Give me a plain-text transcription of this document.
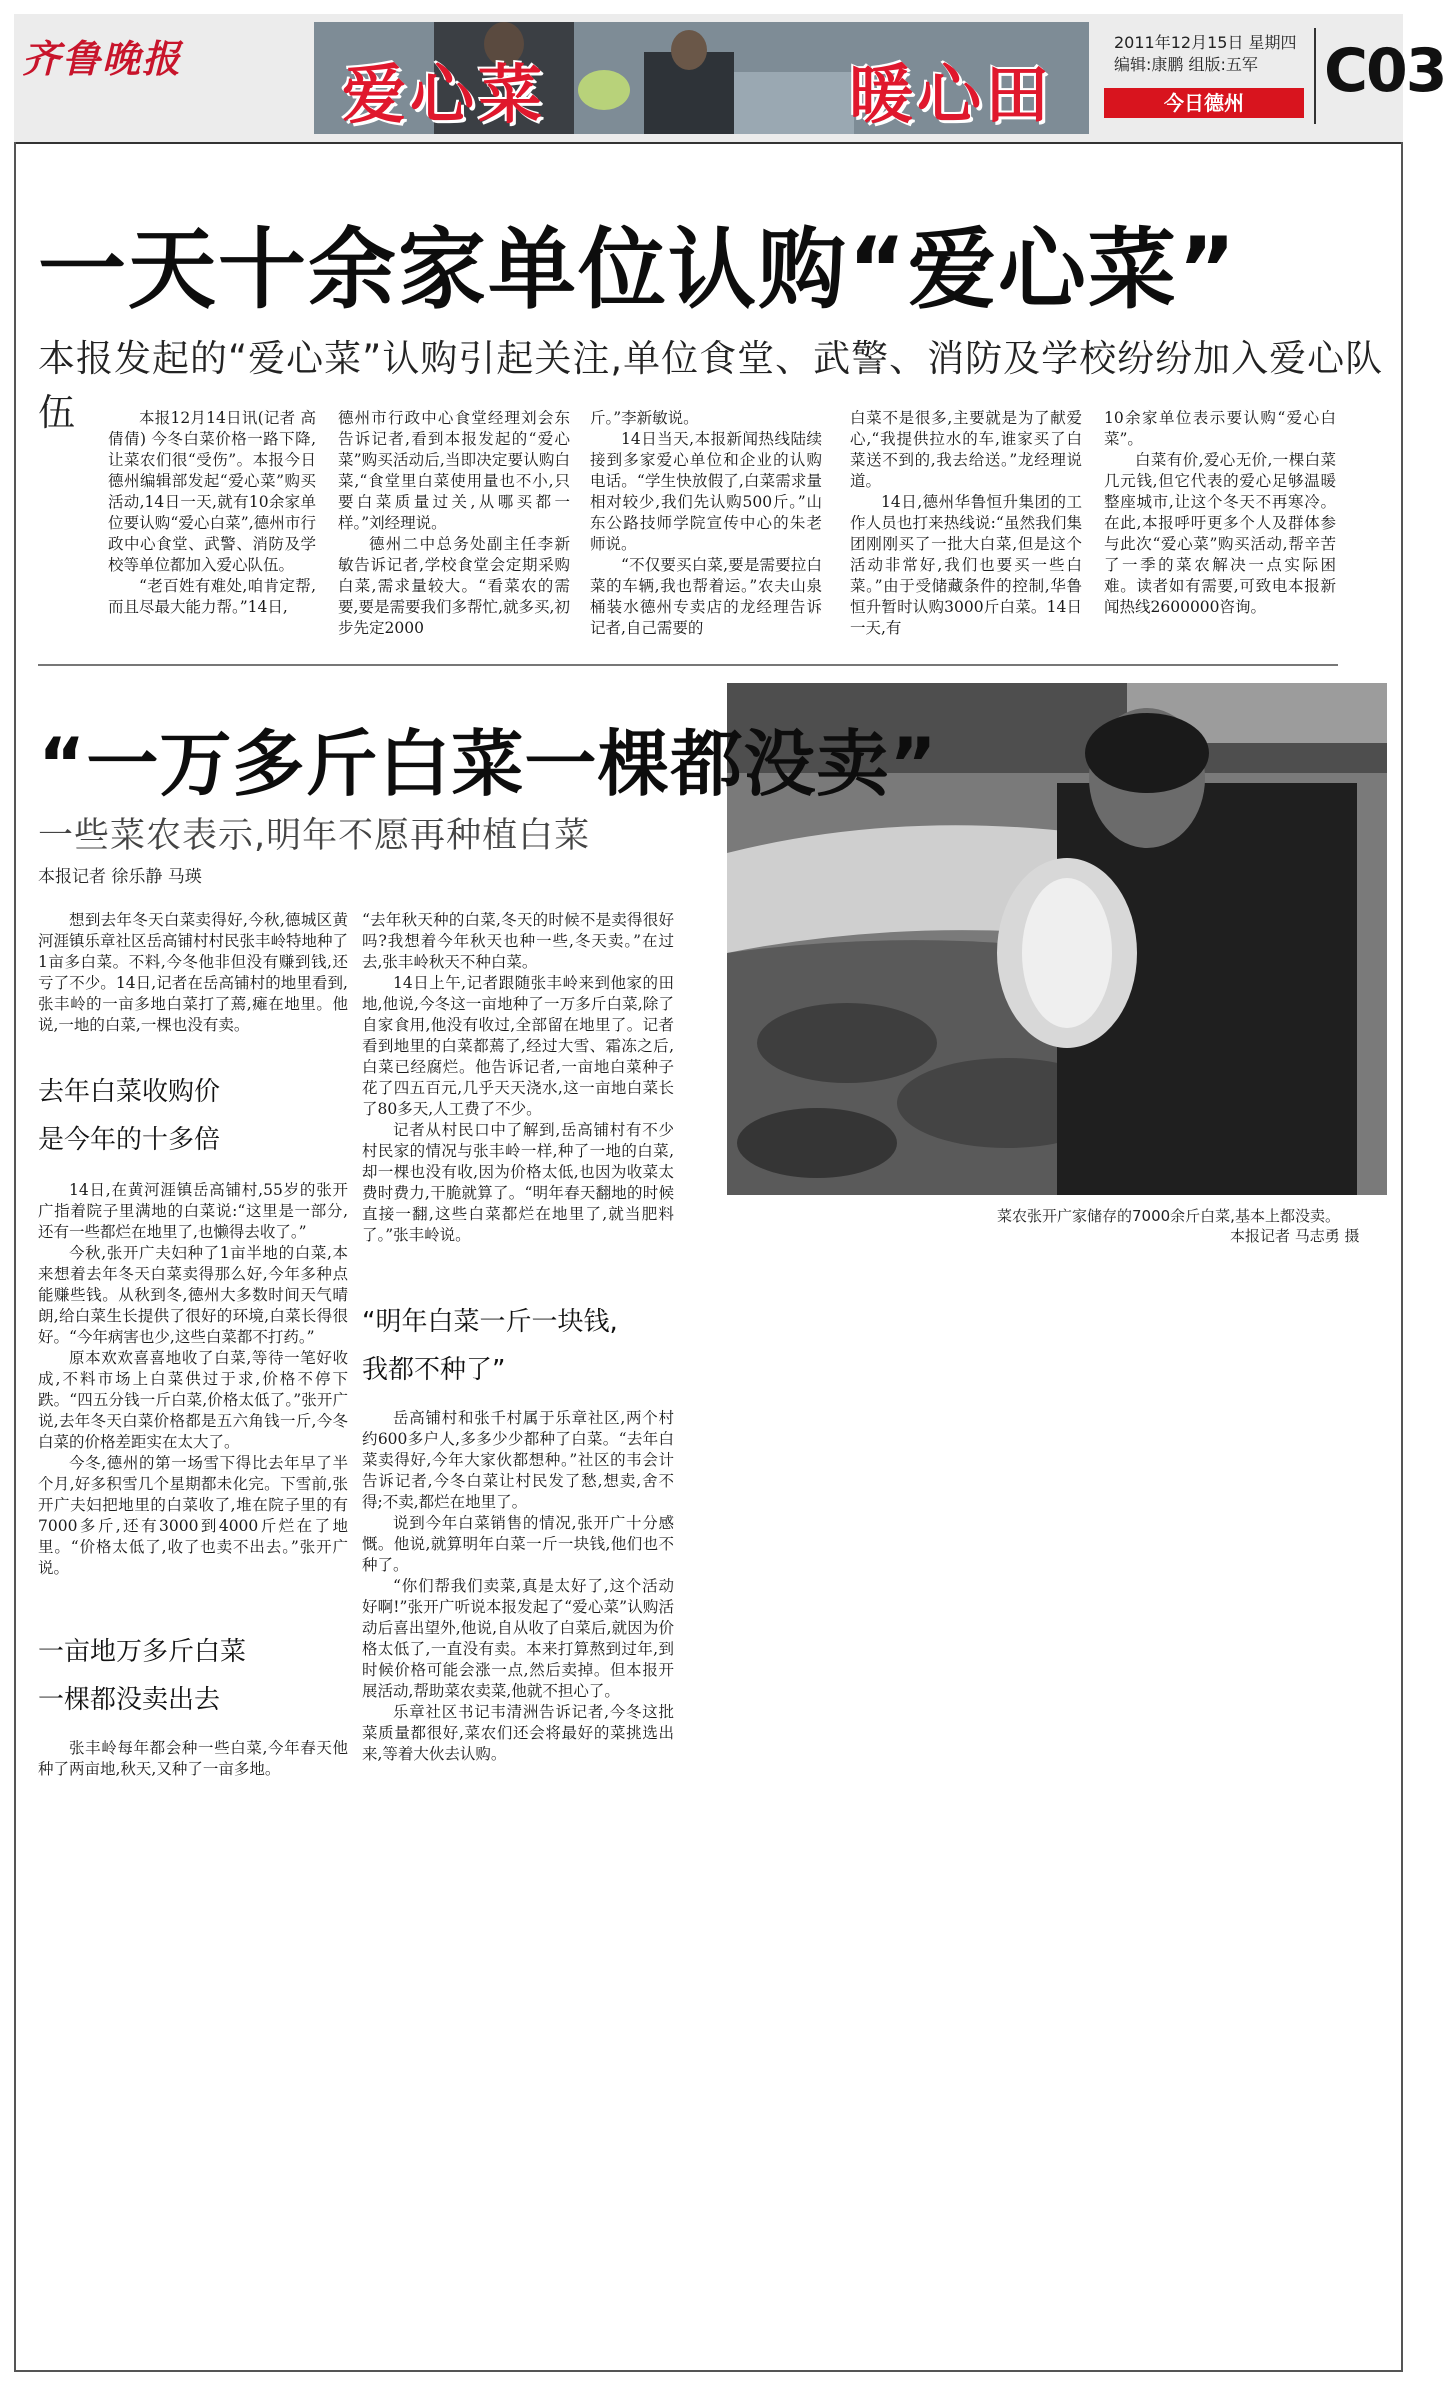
齐鲁晚报
爱心菜	暖心田
2011年12月15日 星期四
编辑:康鹏 组版:五军
今日德州	C03
一天十余家单位认购“爱心菜”
本报发起的“爱心菜”认购引起关注,单位食堂、武警、消防及学校纷纷加入爱心队伍	本报12月14日讯(记者 高倩倩) 今冬白菜价格一路下降,让菜农们很“受伤”。本报今日德州编辑部发起“爱心菜”购买活动,14日一天,就有10余家单位要认购“爱心白菜”,德州市行政中心食堂、武警、消防及学校等单位都加入爱心队伍。

“老百姓有难处,咱肯定帮,而且尽最大能力帮。”14日,

德州市行政中心食堂经理刘会东告诉记者,看到本报发起的“爱心菜”购买活动后,当即决定要认购白菜,“食堂里白菜使用量也不小,只要白菜质量过关,从哪买都一样。”刘经理说。

德州二中总务处副主任李新敏告诉记者,学校食堂会定期采购白菜,需求量较大。“看菜农的需要,要是需要我们多帮忙,就多买,初步先定2000

斤。”李新敏说。

14日当天,本报新闻热线陆续接到多家爱心单位和企业的认购电话。“学生快放假了,白菜需求量相对较少,我们先认购500斤。”山东公路技师学院宣传中心的朱老师说。

“不仅要买白菜,要是需要拉白菜的车辆,我也帮着运。”农夫山泉桶装水德州专卖店的龙经理告诉记者,自己需要的

白菜不是很多,主要就是为了献爱心,“我提供拉水的车,谁家买了白菜送不到的,我去给送。”龙经理说道。

14日,德州华鲁恒升集团的工作人员也打来热线说:“虽然我们集团刚刚买了一批大白菜,但是这个活动非常好,我们也要买一些白菜。”由于受储藏条件的控制,华鲁恒升暂时认购3000斤白菜。14日一天,有

10余家单位表示要认购“爱心白菜”。

白菜有价,爱心无价,一棵白菜几元钱,但它代表的爱心足够温暖整座城市,让这个冬天不再寒冷。在此,本报呼吁更多个人及群体参与此次“爱心菜”购买活动,帮辛苦了一季的菜农解决一点实际困难。读者如有需要,可致电本报新闻热线2600000咨询。

“一万多斤白菜一棵都没卖”
一些菜农表示,明年不愿再种植白菜
本报记者 徐乐静 马瑛

想到去年冬天白菜卖得好,今秋,德城区黄河涯镇乐章社区岳高铺村村民张丰岭特地种了1亩多白菜。不料,今冬他非但没有赚到钱,还亏了不少。14日,记者在岳高铺村的地里看到,张丰岭的一亩多地白菜打了蔫,瘫在地里。他说,一地的白菜,一棵也没有卖。

去年白菜收购价
是今年的十多倍

14日,在黄河涯镇岳高铺村,55岁的张开广指着院子里满地的白菜说:“这里是一部分,还有一些都烂在地里了,也懒得去收了。”

今秋,张开广夫妇种了1亩半地的白菜,本来想着去年冬天白菜卖得那么好,今年多种点能赚些钱。从秋到冬,德州大多数时间天气晴朗,给白菜生长提供了很好的环境,白菜长得很好。“今年病害也少,这些白菜都不打药。”

原本欢欢喜喜地收了白菜,等待一笔好收成,不料市场上白菜供过于求,价格不停下跌。“四五分钱一斤白菜,价格太低了。”张开广说,去年冬天白菜价格都是五六角钱一斤,今冬白菜的价格差距实在太大了。

今冬,德州的第一场雪下得比去年早了半个月,好多积雪几个星期都未化完。下雪前,张开广夫妇把地里的白菜收了,堆在院子里的有7000多斤,还有3000到4000斤烂在了地里。“价格太低了,收了也卖不出去。”张开广说。

一亩地万多斤白菜
一棵都没卖出去

张丰岭每年都会种一些白菜,今年春天他种了两亩地,秋天,又种了一亩多地。

“去年秋天种的白菜,冬天的时候不是卖得很好吗?我想着今年秋天也种一些,冬天卖。”在过去,张丰岭秋天不种白菜。

14日上午,记者跟随张丰岭来到他家的田地,他说,今冬这一亩地种了一万多斤白菜,除了自家食用,他没有收过,全部留在地里了。记者看到地里的白菜都蔫了,经过大雪、霜冻之后,白菜已经腐烂。他告诉记者,一亩地白菜种子花了四五百元,几乎天天浇水,这一亩地白菜长了80多天,人工费了不少。

记者从村民口中了解到,岳高铺村有不少村民家的情况与张丰岭一样,种了一地的白菜,却一棵也没有收,因为价格太低,也因为收菜太费时费力,干脆就算了。“明年春天翻地的时候直接一翻,这些白菜都烂在地里了,就当肥料了。”张丰岭说。

“明年白菜一斤一块钱,
我都不种了”

岳高铺村和张千村属于乐章社区,两个村约600多户人,多多少少都种了白菜。“去年白菜卖得好,今年大家伙都想种。”社区的韦会计告诉记者,今冬白菜让村民发了愁,想卖,舍不得;不卖,都烂在地里了。

说到今年白菜销售的情况,张开广十分感慨。他说,就算明年白菜一斤一块钱,他们也不种了。

“你们帮我们卖菜,真是太好了,这个活动好啊!”张开广听说本报发起了“爱心菜”认购活动后喜出望外,他说,自从收了白菜后,就因为价格太低了,一直没有卖。本来打算熬到过年,到时候价格可能会涨一点,然后卖掉。但本报开展活动,帮助菜农卖菜,他就不担心了。

乐章社区书记韦清洲告诉记者,今冬这批菜质量都很好,菜农们还会将最好的菜挑选出来,等着大伙去认购。

菜农张开广家储存的7000余斤白菜,基本上都没卖。
本报记者 马志勇 摄
